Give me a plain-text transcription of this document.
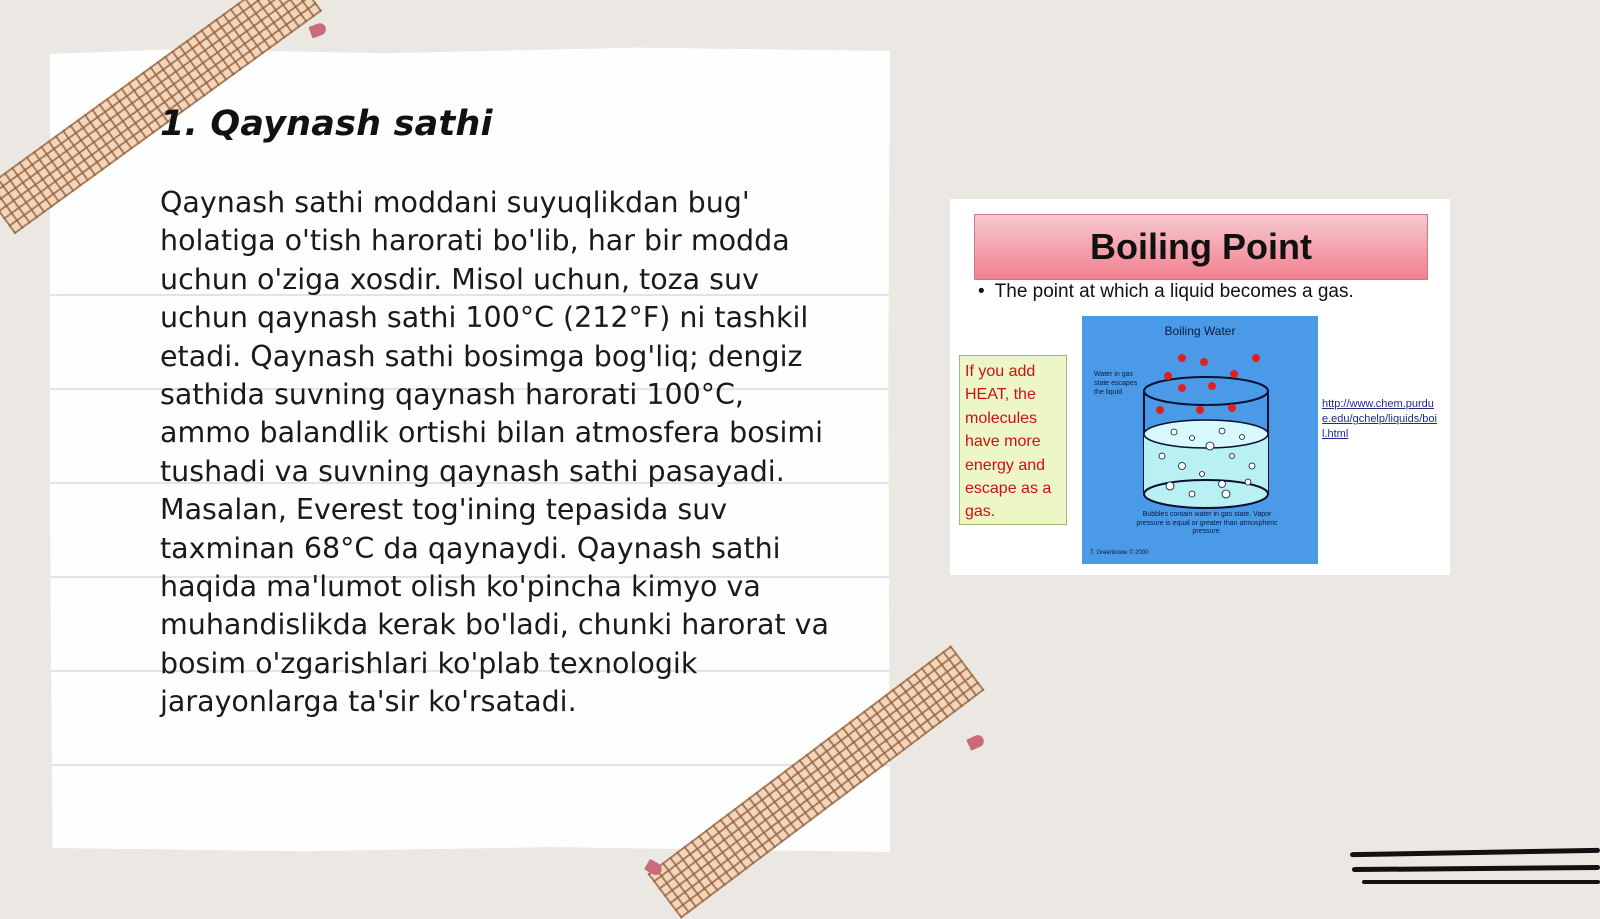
1. Qaynash sathi

Qaynash sathi moddani suyuqlikdan bug' holatiga o'tish harorati bo'lib, har bir modda uchun o'ziga xosdir. Misol uchun, toza suv uchun qaynash sathi 100°C (212°F) ni tashkil etadi. Qaynash sathi bosimga bog'liq; dengiz sathida suvning qaynash harorati 100°C, ammo balandlik ortishi bilan atmosfera bosimi tushadi va suvning qaynash sathi pasayadi. Masalan, Everest tog'ining tepasida suv taxminan 68°C da qaynaydi. Qaynash sathi haqida ma'lumot olish ko'pincha kimyo va muhandislikda kerak bo'ladi, chunki harorat va bosim o'zgarishlari ko'plab texnologik jarayonlarga ta'sir ko'rsatadi.

Boiling Point
• The point at which a liquid becomes a gas.
If you add HEAT, the molecules have more energy and escape as a gas.
Boiling Water
Water in gas state escapes the liquid
Bubbles contain water in gas state. Vapor pressure is equal or greater than atmospheric pressure.
T. Greenbowe © 2000
http://www.chem.purdue.edu/gchelp/liquids/boil.html
